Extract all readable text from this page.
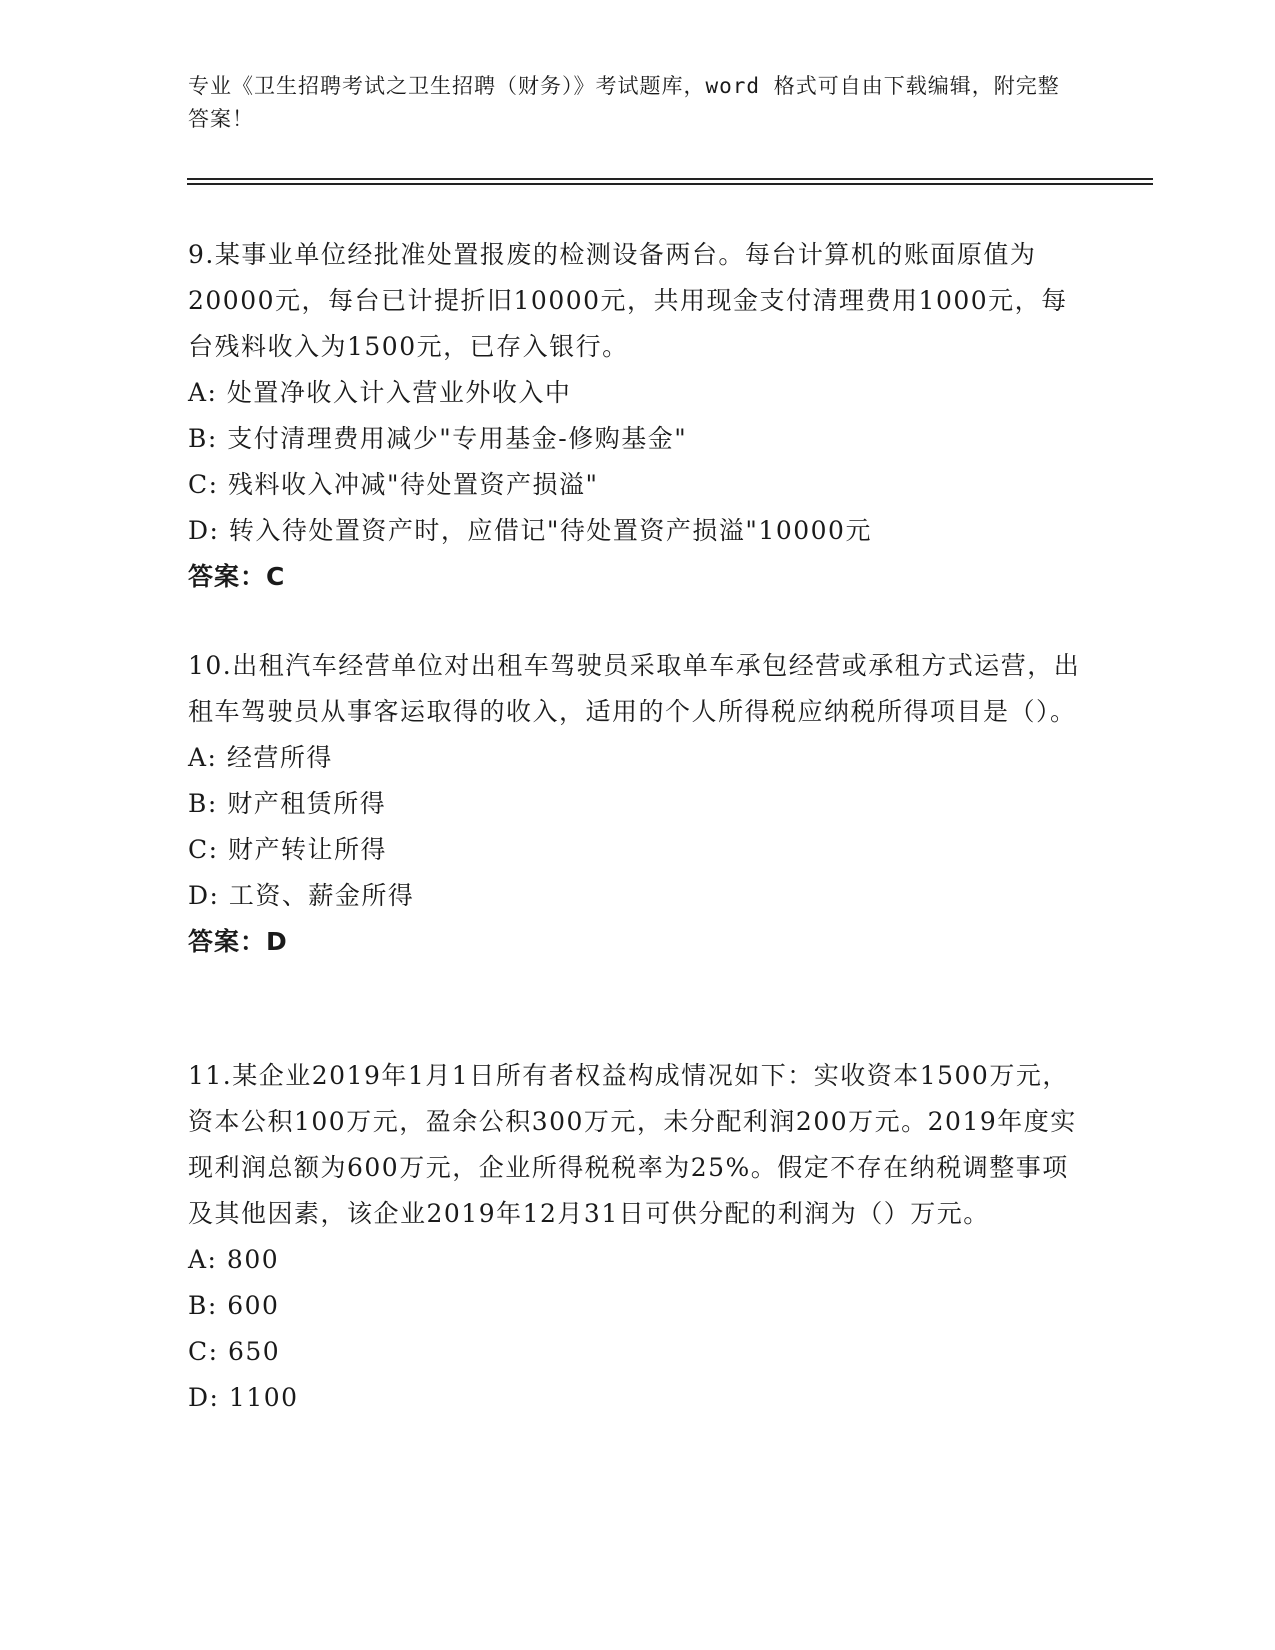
专业《卫生招聘考试之卫生招聘（财务）》考试题库，word 格式可自由下载编辑，附完整答案！

9.某事业单位经批准处置报废的检测设备两台。每台计算机的账面原值为20000元，每台已计提折旧10000元，共用现金支付清理费用1000元，每台残料收入为1500元，已存入银行。

A: 处置净收入计入营业外收入中
B: 支付清理费用减少"专用基金-修购基金"
C: 残料收入冲减"待处置资产损溢"
D: 转入待处置资产时，应借记"待处置资产损溢"10000元

答案：C

10.出租汽车经营单位对出租车驾驶员采取单车承包经营或承租方式运营，出租车驾驶员从事客运取得的收入，适用的个人所得税应纳税所得项目是（）。

A: 经营所得
B: 财产租赁所得
C: 财产转让所得
D: 工资、薪金所得

答案：D

11.某企业2019年1月1日所有者权益构成情况如下：实收资本1500万元，资本公积100万元，盈余公积300万元，未分配利润200万元。2019年度实现利润总额为600万元，企业所得税税率为25%。假定不存在纳税调整事项及其他因素，该企业2019年12月31日可供分配的利润为（）万元。

A: 800
B: 600
C: 650
D: 1100
